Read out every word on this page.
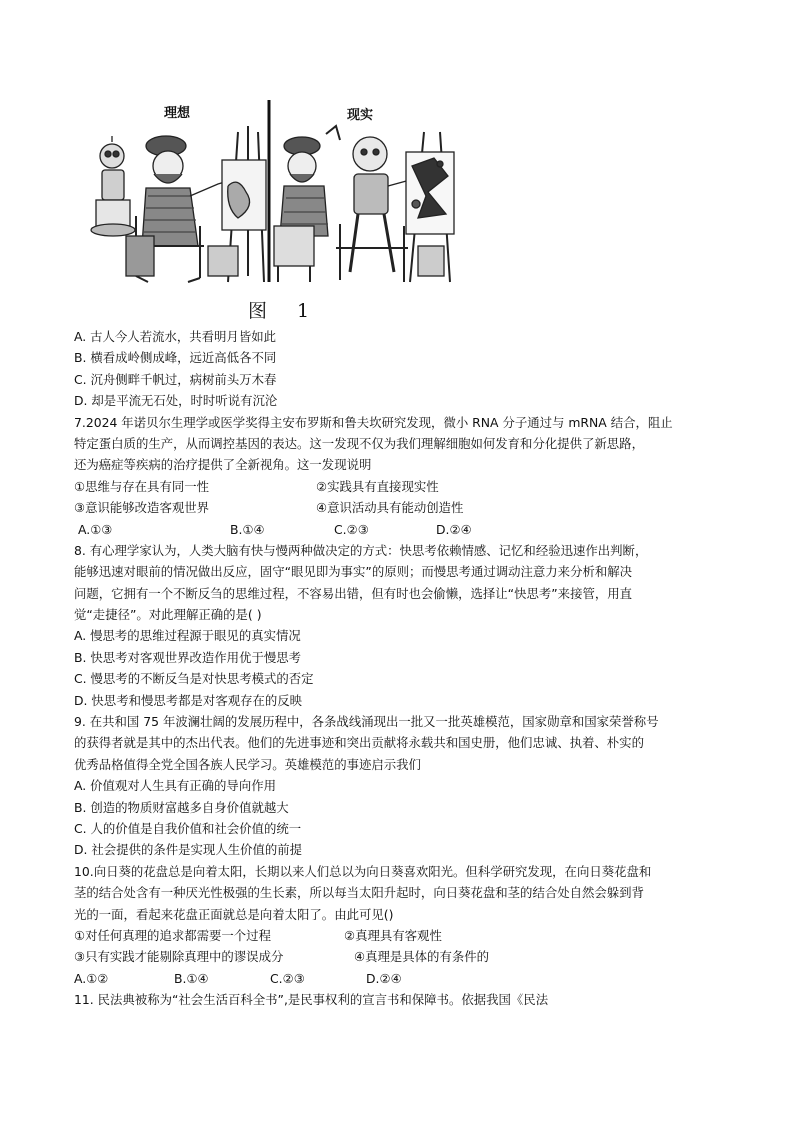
理想	现实
图 1
A. 古人今人若流水，共看明月皆如此
B. 横看成岭侧成峰，远近高低各不同
C. 沉舟侧畔千帆过，病树前头万木春
D. 却是平流无石处，时时听说有沉沦
7.2024 年诺贝尔生理学或医学奖得主安布罗斯和鲁夫坎研究发现，微小 RNA 分子通过与 mRNA 结合，阻止
特定蛋白质的生产，从而调控基因的表达。这一发现不仅为我们理解细胞如何发育和分化提供了新思路，
还为癌症等疾病的治疗提供了全新视角。这一发现说明
①思维与存在具有同一性	②实践具有直接现实性
③意识能够改造客观世界	④意识活动具有能动创造性
A.①③	B.①④	C.②③	D.②④
8. 有心理学家认为，人类大脑有快与慢两种做决定的方式：快思考依赖情感、记忆和经验迅速作出判断，
能够迅速对眼前的情况做出反应，固守“眼见即为事实”的原则；而慢思考通过调动注意力来分析和解决
问题，它拥有一个不断反刍的思维过程，不容易出错，但有时也会偷懒，选择让“快思考”来接管，用直
觉“走捷径”。对此理解正确的是( )
A. 慢思考的思维过程源于眼见的真实情况
B. 快思考对客观世界改造作用优于慢思考
C. 慢思考的不断反刍是对快思考模式的否定
D. 快思考和慢思考都是对客观存在的反映
9. 在共和国 75 年波澜壮阔的发展历程中，各条战线涌现出一批又一批英雄模范，国家勋章和国家荣誉称号
的获得者就是其中的杰出代表。他们的先进事迹和突出贡献将永载共和国史册，他们忠诚、执着、朴实的
优秀品格值得全党全国各族人民学习。英雄模范的事迹启示我们
A. 价值观对人生具有正确的导向作用
B. 创造的物质财富越多自身价值就越大
C. 人的价值是自我价值和社会价值的统一
D. 社会提供的条件是实现人生价值的前提
10.向日葵的花盘总是向着太阳，长期以来人们总以为向日葵喜欢阳光。但科学研究发现，在向日葵花盘和
茎的结合处含有一种厌光性极强的生长素，所以每当太阳升起时，向日葵花盘和茎的结合处自然会躲到背
光的一面，看起来花盘正面就总是向着太阳了。由此可见()
①对任何真理的追求都需要一个过程	②真理具有客观性
③只有实践才能剔除真理中的谬误成分	④真理是具体的有条件的
A.①②	B.①④	C.②③	D.②④
11. 民法典被称为“社会生活百科全书”,是民事权利的宣言书和保障书。依据我国《民法
